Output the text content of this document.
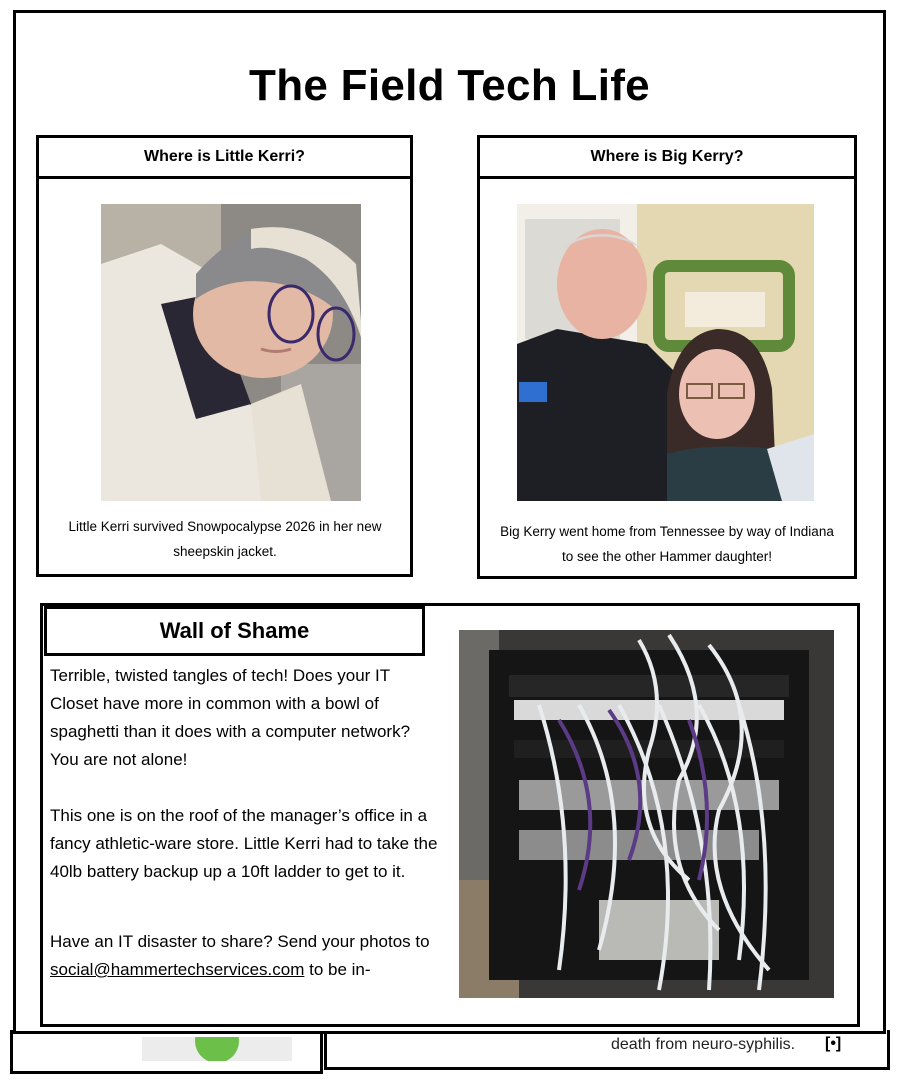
death from neuro-syphilis. [•]
The Field Tech Life
Where is Little Kerri?
Little Kerri survived Snowpocalypse 2026 in her new
sheepskin jacket.
Where is Big Kerry?
Big Kerry went home from Tennessee by way of Indiana
to see the other Hammer daughter!
Wall of Shame

Terrible, twisted tangles of tech! Does your IT Closet have more in common with a bowl of spaghetti than it does with a computer network? You are not alone!

This one is on the roof of the manager’s office in a fancy athletic-ware store. Little Kerri had to take the 40lb battery backup up a 10ft ladder to get to it.

Have an IT disaster to share? Send your photos to social@hammertechservices.com to be in-
